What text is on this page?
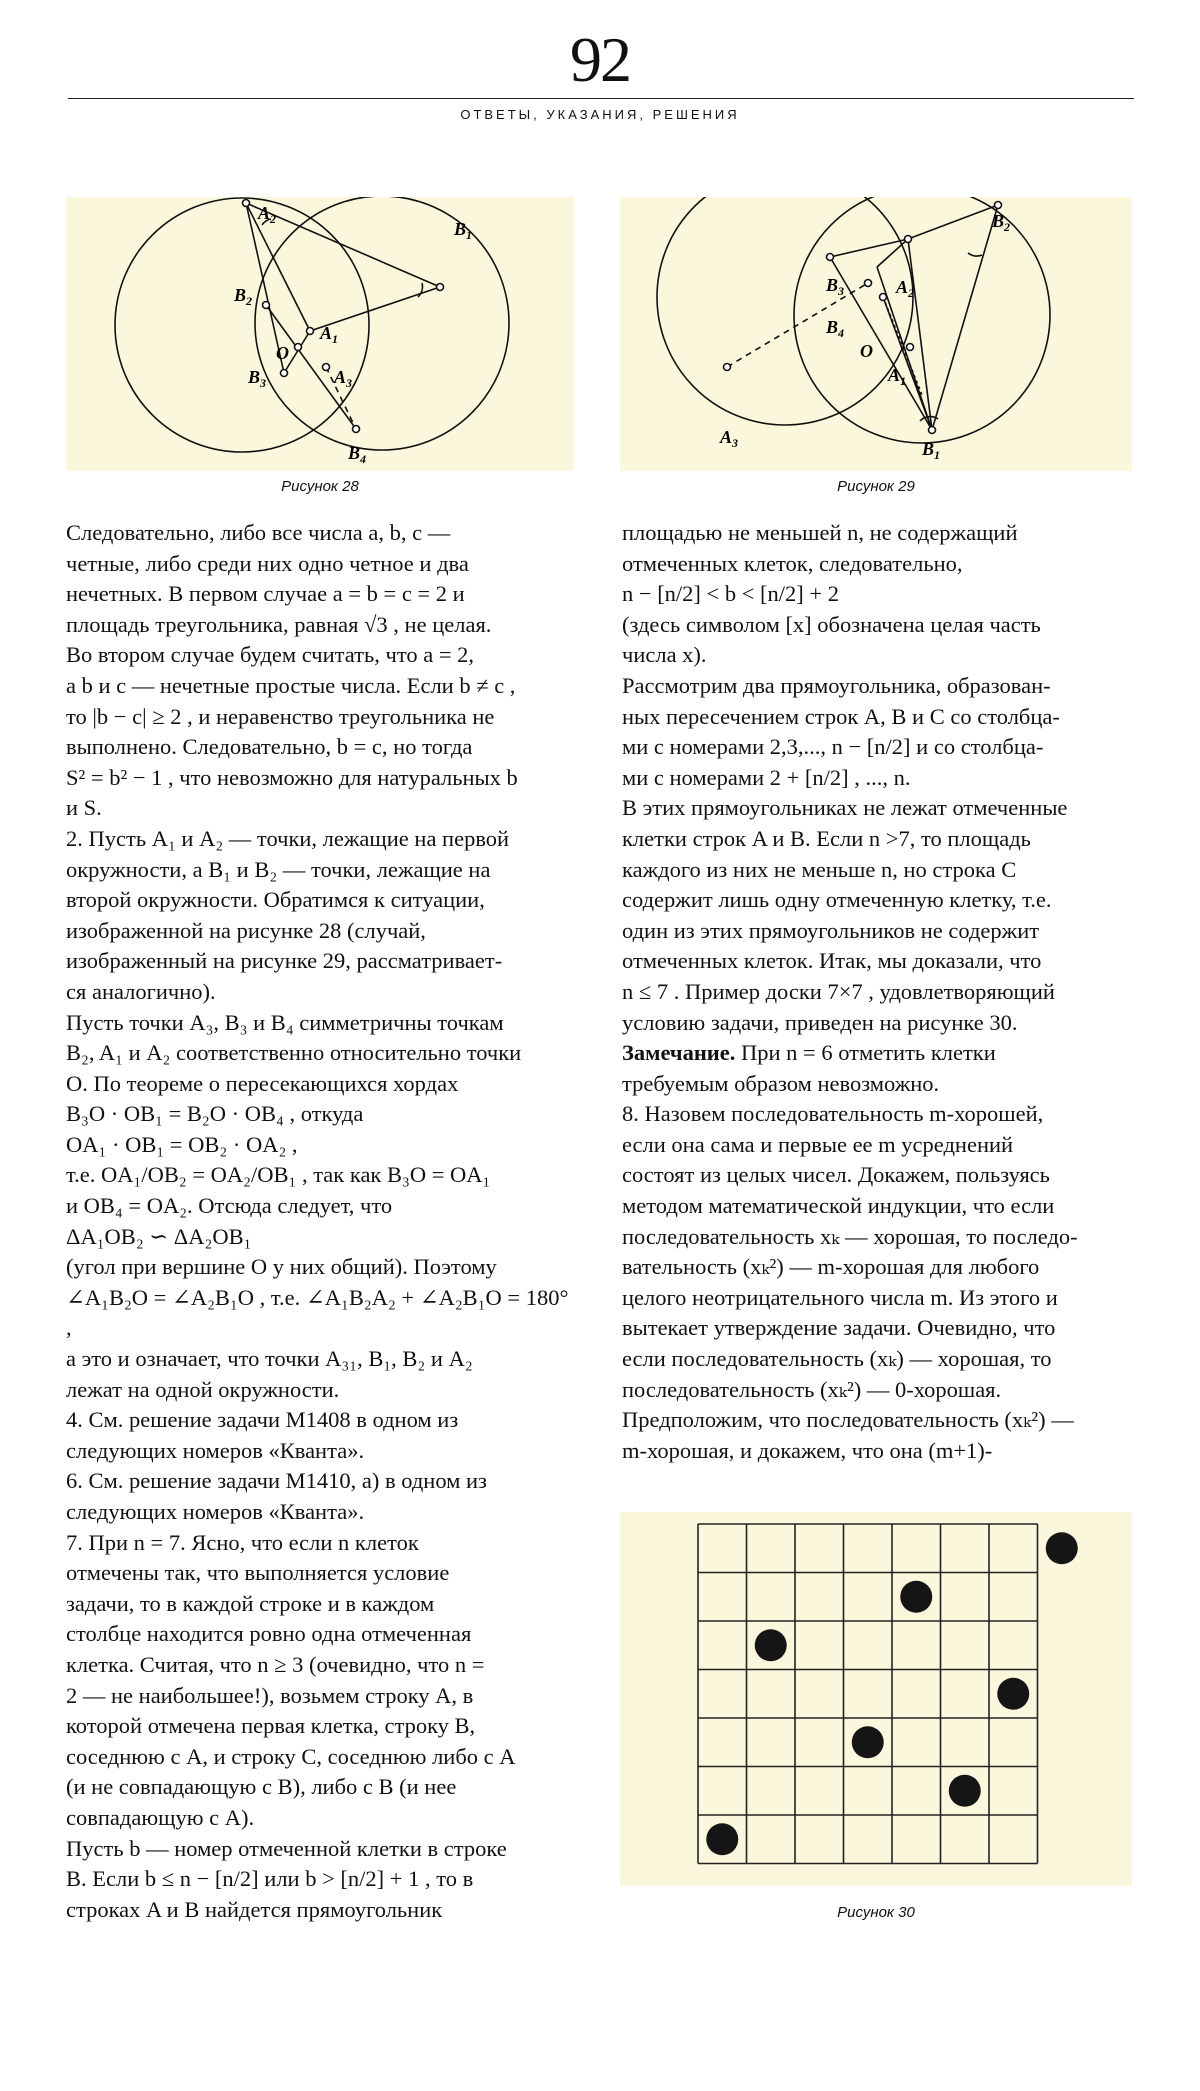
92
ОТВЕТЫ, УКАЗАНИЯ, РЕШЕНИЯ
$A_2$	$B_1$
$B_2$
$A_1$
O
$B_3$	$A_3$
$B_4$
Рисунок 28
$B_2$
$B_3$	$A_2$
$B_4$
O
$A_1$
$A_3$	$B_1$
Рисунок 29

Следовательно, либо все числа a, b, c —

четные, либо среди них одно четное и два

нечетных. В первом случае a = b = c = 2 и

площадь треугольника, равная √3 , не целая.

Во втором случае будем считать, что a = 2,

a b и c — нечетные простые числа. Если b ≠ c ,

то |b − c| ≥ 2 , и неравенство треугольника не

выполнено. Следовательно, b = c, но тогда

S² = b² − 1 , что невозможно для натуральных b

и S.

2. Пусть A₁ и A₂ — точки, лежащие на первой

окружности, а B₁ и B₂ — точки, лежащие на

второй окружности. Обратимся к ситуации,

изображенной на рисунке 28 (случай,

изображенный на рисунке 29, рассматривает-

ся аналогично).

Пусть точки A₃, B₃ и B₄ симметричны точкам

B₂, A₁ и A₂ соответственно относительно точки

O. По теореме о пересекающихся хордах

B₃O · OB₁ = B₂O · OB₄ , откуда

OA₁ · OB₁ = OB₂ · OA₂ ,

т.е. OA₁/OB₂ = OA₂/OB₁ , так как B₃O = OA₁

и OB₄ = OA₂. Отсюда следует, что

ΔA₁OB₂ ∽ ΔA₂OB₁

(угол при вершине O у них общий). Поэтому

∠A₁B₂O = ∠A₂B₁O , т.е. ∠A₁B₂A₂ + ∠A₂B₁O = 180° ,

а это и означает, что точки A₃₁, B₁, B₂ и A₂

лежат на одной окружности.

4. См. решение задачи М1408 в одном из

следующих номеров «Кванта».

6. См. решение задачи М1410, а) в одном из

следующих номеров «Кванта».

7. При n = 7. Ясно, что если n клеток

отмечены так, что выполняется условие

задачи, то в каждой строке и в каждом

столбце находится ровно одна отмеченная

клетка. Считая, что n ≥ 3 (очевидно, что n =

2 — не наибольшее!), возьмем строку A, в

которой отмечена первая клетка, строку B,

соседнюю с A, и строку C, соседнюю либо с A

(и не совпадающую с B), либо с B (и нее

совпадающую с A).

Пусть b — номер отмеченной клетки в строке

B. Если b ≤ n − [n/2] или b > [n/2] + 1 , то в

строках A и B найдется прямоугольник

площадью не меньшей n, не содержащий

отмеченных клеток, следовательно,

n − [n/2] < b < [n/2] + 2

(здесь символом [x] обозначена целая часть

числа x).

Рассмотрим два прямоугольника, образован-

ных пересечением строк A, B и C со столбца-

ми с номерами 2,3,..., n − [n/2] и со столбца-

ми с номерами 2 + [n/2] , ..., n.

В этих прямоугольниках не лежат отмеченные

клетки строк A и B. Если n >7, то площадь

каждого из них не меньше n, но строка C

содержит лишь одну отмеченную клетку, т.е.

один из этих прямоугольников не содержит

отмеченных клеток. Итак, мы доказали, что

n ≤ 7 . Пример доски 7×7 , удовлетворяющий

условию задачи, приведен на рисунке 30.

Замечание. При n = 6 отметить клетки

требуемым образом невозможно.

8. Назовем последовательность m-хорошей,

если она сама и первые ее m усреднений

состоят из целых чисел. Докажем, пользуясь

методом математической индукции, что если

последовательность xₖ — хорошая, то последо-

вательность (xₖ²) — m-хорошая для любого

целого неотрицательного числа m. Из этого и

вытекает утверждение задачи. Очевидно, что

если последовательность (xₖ) — хорошая, то

последовательность (xₖ²) — 0-хорошая.

Предположим, что последовательность (xₖ²) —

m-хорошая, и докажем, что она (m+1)-

Рисунок 30
